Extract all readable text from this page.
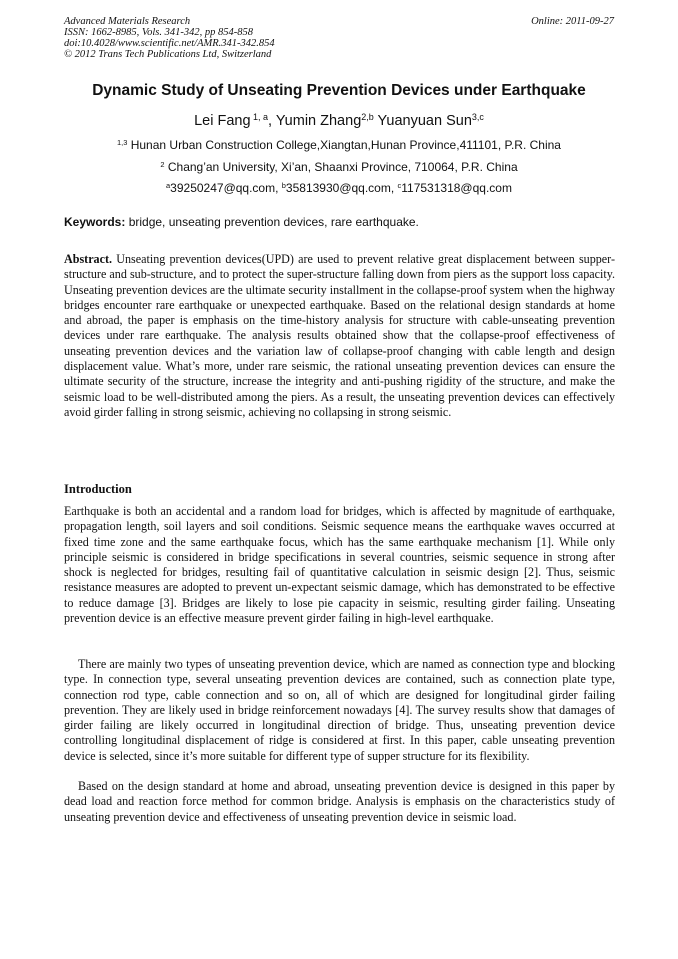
Advanced Materials Research
ISSN: 1662-8985, Vols. 341-342, pp 854-858
doi:10.4028/www.scientific.net/AMR.341-342.854
© 2012 Trans Tech Publications Ltd, Switzerland
Online: 2011-09-27
Dynamic Study of Unseating Prevention Devices under Earthquake
Lei Fang $^{1, a}$, Yumin Zhang$^{2,b}$ Yuanyuan Sun$^{3,c}$
$^{1,3}$ Hunan Urban Construction College,Xiangtan,Hunan Province,411101, P.R. China
$^2$ Chang’an University, Xi’an, Shaanxi Province, 710064, P.R. China
$^a$39250247@qq.com, $^b$35813930@qq.com, $^c$117531318@qq.com
Keywords: bridge, unseating prevention devices, rare earthquake.

Abstract. Unseating prevention devices(UPD) are used to prevent relative great displacement between supper-structure and sub-structure, and to protect the super-structure falling down from piers as the support loss capacity. Unseating prevention devices are the ultimate security installment in the collapse-proof system when the highway bridges encounter rare earthquake or unexpected earthquake. Based on the relational design standards at home and abroad, the paper is emphasis on the time-history analysis for structure with cable-unseating prevention devices under rare earthquake. The analysis results obtained show that the collapse-proof effectiveness of unseating prevention devices and the variation law of collapse-proof changing with cable length and design displacement value. What’s more, under rare seismic, the rational unseating prevention devices can ensure the ultimate security of the structure, increase the integrity and anti-pushing rigidity of the structure, and make the seismic load to be well-distributed among the piers. As a result, the unseating prevention devices can effectively avoid girder falling in strong seismic, achieving no collapsing in strong seismic.

Introduction

Earthquake is both an accidental and a random load for bridges, which is affected by magnitude of earthquake, propagation length, soil layers and soil conditions. Seismic sequence means the earthquake waves occurred at fixed time zone and the same earthquake focus, which has the same earthquake mechanism [1]. While only principle seismic is considered in bridge specifications in several countries, seismic sequence in strong after shock is neglected for bridges, resulting fail of quantitative calculation in seismic design [2]. Thus, seismic resistance measures are adopted to prevent un-expectant seismic damage, which has demonstrated to be effective to reduce damage [3]. Bridges are likely to lose pie capacity in seismic, resulting girder failing. Unseating prevention device is an effective measure prevent girder failing in high-level earthquake.

There are mainly two types of unseating prevention device, which are named as connection type and blocking type. In connection type, several unseating prevention devices are contained, such as connection plate type, connection rod type, cable connection and so on, all of which are designed for longitudinal girder failing prevention. They are likely used in bridge reinforcement nowadays [4]. The survey results show that damages of girder failing are likely occurred in longitudinal direction of bridge. Thus, unseating prevention device controlling longitudinal displacement of ridge is considered at first. In this paper, cable unseating prevention device is selected, since it’s more suitable for different type of supper structure for its flexibility.

Based on the design standard at home and abroad, unseating prevention device is designed in this paper by dead load and reaction force method for common bridge. Analysis is emphasis on the characteristics study of unseating prevention device and effectiveness of unseating prevention device in seismic load.
